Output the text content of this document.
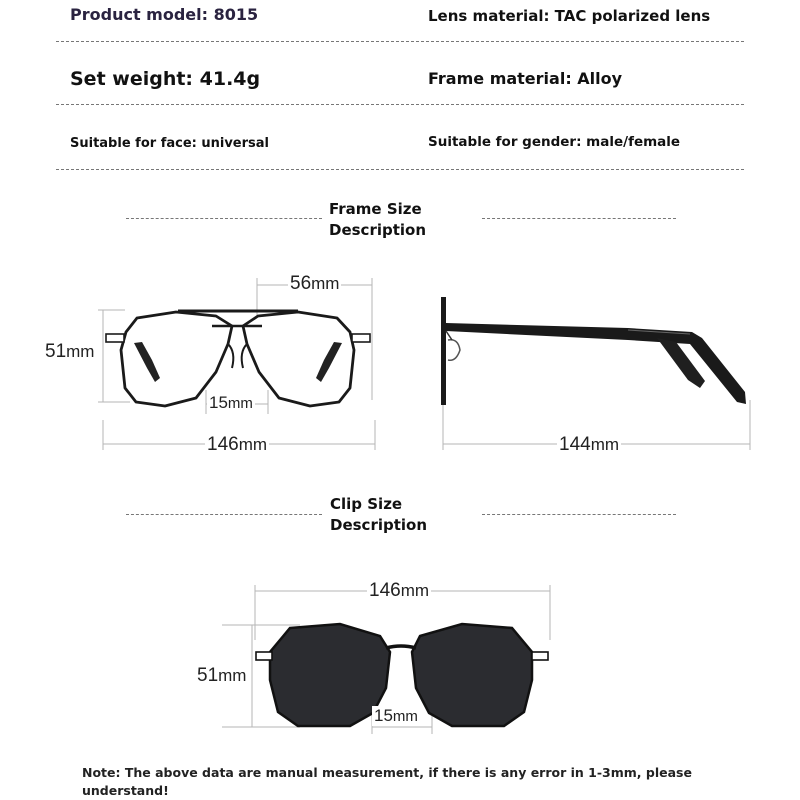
Product model: 8015	Lens material: TAC polarized lens
Set weight: 41.4g	Frame material: Alloy
Suitable for face: universal	Suitable for gender: male/female
Frame Size
Description
56mm
51mm
15mm
146mm	144mm
Clip Size
Description
146mm
51mm
15mm
Note: The above data are manual measurement, if there is any error in 1-3mm, please understand!
